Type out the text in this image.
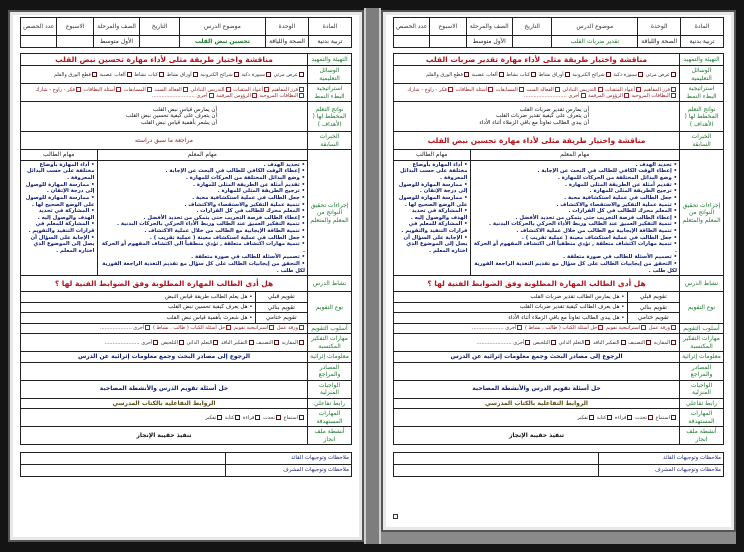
المادة	الوحدة	موضوع الدرس	التاريخ	الصف والمرحلة	الاسبوع	عدد الحصص
تربية بدنية	الصحة واللياقة	تحسين نبض القلب		الأول متوسط		
التهيئة والتمهيد	مناقشة واختيار طريقة مثلى لأداء مهارة تحسين نبض القلب
الوسائل التعليمية	عرض مرئي سبورة ذكية شرائح الكترونية أوراق نشاط كتاب نشاط ألعاب عصبية قطع الورق والقلم
استراتيجية البطء النمط	
فرز المفاهيم أعواد المثقبات التدريس التبادلي الفعالة الست المسابقات أسئلة البطاقات فكر - زاوج - شارك
البطاقات المروحية الرؤوس المرقمة أخرى ...........................

نواتج التعلم المخطط لها ( الأهداف )	
أن يمارس قياس نبض القلب
أن يتعرف على كيفية تحسين نبض القلب
أن يشعر بأهمية قياس نبض القلب

الخبرات السابقة	مراجعة ما سبق دراسته
إجراءات تحقيق النواتج من المعلم والمتعلم	
مهام المعلم	مهام الطالب

• تحديد الهدف .
• إعطاء الوقت الكافي للطالب في البحث عن الإجابة .
• وضع البدائل المختلفة من الحركات للمهارة .
• تقديم أمثلة عن الطريقة المثلى للمهارة .
• ترجيح الطريقة المثلى للمهارة .
• جعل الطالب في عملية استكشافية محبة .
• تنمية عملية التفكير والاستقصاء والاكتشاف .
• المعلم محرك للطالب في كل القرارات .
• إعطاء الطالب فرصة التجريب حتى يتمكن من تحديد الأفضل .
• تنمية التفكير العميق عند الطالب وربط الأداء الحركي بالحركات البدنية .
• تنمية الطاقة الإيجابية مع الطالب من خلال عملية الاكتشاف .
• جعل الطالب في عملية استكشاف معينة ( عملية تقريب ) .
• تنمية مهارات اكتشاف متعلقة , تؤدي منطقياً الى اكتشاف المفهوم أو الحركة .
• تصميم الأسئلة للطالب في صورة متعلقة .
• التحقق من إيجابيات الطالب على كل سؤال مع تقديم التغذية الراجعة الفورية لكل طلب .

• أداء المهارة بأوضاع مختلفة على حسب البدائل المعروفة .
• ممارسة المهارة للوصول إلى درجة الإتقان .
• ممارسة المهارة للوصول على الوضع الصحيح لها .
• المشاركة في تحديد الهدف والوصول إليه .
• المشاركة للمعلم في قرارات التنفيذ والتقويم .
• الإجابة على السؤال أن يصل إلى الموضوع الذي اختاره المعلم .

نشاط الدرس	هل أدى الطالب المهارة المطلوبة وفق الضوابط الفنية لها ؟
نوع التقويم	
تقويم قبلي	• هل يعلم الطالب طريقة قياس النبض
تقويم بنائي	• هل يعرف كيفية تحسين نبض القلب
تقويم ختامي	• هل شعرت بأهمية قياس نبض القلب

أسلوب التقويم	ورقة عمل استراتيجية تقويم حل أسئلة الكتاب ( طالب . نشاط ) أخرى ....................
مهارات التفكير المكتسبة	المقارنة التصنيف التفكير الناقد التعلم الذاتي التلخيص أخرى ......................
معلومات إثرائية	الرجوع إلى مصادر البحث وجمع معلومات إثرائية عن الدرس
المصادر والمراجع	
الواجبات المنزلية	حل أسئلة تقويم الدرس والأنشطة المصاحبة
رابط تفاعلي	الروابط التفاعلية بالكتاب المدرسي
المهارات المستهدفة	استماع تحدث قراءة كتابة تفكير
أنشطة ملف انجاز	تنفيذ حقيبة الإنجاز
ملاحظات وتوجيهات القائد	
ملاحظات وتوجيهات المشرف	
المادة	الوحدة	موضوع الدرس	التاريخ	الصف والمرحلة	الاسبوع	عدد الحصص
تربية بدنية	الصحة واللياقة	تقدير ضربات القلب		الأول متوسط		
التهيئة والتمهيد	مناقشة واختيار طريقة مثلى لأداء مهارة تقدير ضربات القلب
الوسائل التعليمية	عرض مرئي سبورة ذكية شرائح الكترونية أوراق نشاط كتاب نشاط ألعاب عصبية قطع الورق والقلم
استراتيجية البطء النمط	
فرز المفاهيم أعواد المثقبات التدريس التبادلي الفعالة الست المسابقات أسئلة البطاقات فكر - زاوج - شارك
البطاقات المروحية الرؤوس المرقمة أخرى ...........................

نواتج التعلم المخطط لها ( الأهداف )	
أن يمارس تقدير ضربات القلب
أن يتعرف على كيفية تقدير ضربات القلب
أن يبدي الطالب تعاوناً مع باقي الزملاء أثناء الأداء

الخبرات السابقة	مناقشة واختيار طريقة مثلى لأداء مهارة تحسين نبض القلب
إجراءات تحقيق النواتج من المعلم والمتعلم	
مهام المعلم	مهام الطالب

• تحديد الهدف .
• إعطاء الوقت الكافي للطالب في البحث عن الإجابة .
• وضع البدائل المختلفة من الحركات للمهارة .
• تقديم أمثلة عن الطريقة المثلى للمهارة .
• ترجيح الطريقة المثلى للمهارة .
• جعل الطالب في عملية استكشافية محبة .
• تنمية عملية التفكير والاستقصاء والاكتشاف .
• المعلم محرك للطالب في كل القرارات .
• إعطاء الطالب فرصة التجريب حتى يتمكن من تحديد الأفضل .
• تنمية التفكير العميق عند الطالب وربط الأداء الحركي بالحركات البدنية .
• تنمية الطاقة الإيجابية مع الطالب من خلال عملية الاكتشاف .
• جعل الطالب في عملية استكشاف معينة ( عملية تقريب ) .
• تنمية مهارات اكتشاف متعلقة , تؤدي منطقياً الى اكتشاف المفهوم أو الحركة .
• تصميم الأسئلة للطالب في صورة متعلقة .
• التحقق من إيجابيات الطالب على كل سؤال مع تقديم التغذية الراجعة الفورية لكل طلب .

• أداء المهارة بأوضاع مختلفة على حسب البدائل المعروفة .
• ممارسة المهارة للوصول إلى درجة الإتقان .
• ممارسة المهارة للوصول على الوضع الصحيح لها .
• المشاركة في تحديد الهدف والوصول إليه .
• المشاركة للمعلم في قرارات التنفيذ والتقويم .
• الإجابة على السؤال أن يصل إلى الموضوع الذي اختاره المعلم .

نشاط الدرس	هل أدى الطالب المهارة المطلوبة وفق الضوابط الفنية لها ؟
نوع التقويم	
تقويم قبلي	• هل يمارس الطالب تقدير ضربات القلب
تقويم بنائي	• هل يعرف الطالب كيفية تقدير ضربات القلب
تقويم ختامي	• هل يبدي الطالب تعاوناً مع باقي الزملاء أثناء الأداء

أسلوب التقويم	ورقة عمل استراتيجية تقويم حل أسئلة الكتاب ( طالب . نشاط ) أخرى ....................
مهارات التفكير المكتسبة	المقارنة التصنيف التفكير الناقد التعلم الذاتي التلخيص أخرى ......................
معلومات إثرائية	الرجوع إلى مصادر البحث وجمع معلومات إثرائية عن الدرس
المصادر والمراجع	
الواجبات المنزلية	حل أسئلة تقويم الدرس والأنشطة المصاحبة
رابط تفاعلي	الروابط التفاعلية بالكتاب المدرسي
المهارات المستهدفة	استماع تحدث قراءة كتابة تفكير
أنشطة ملف انجاز	تنفيذ حقيبة الإنجاز
ملاحظات وتوجيهات القائد	
ملاحظات وتوجيهات المشرف	
